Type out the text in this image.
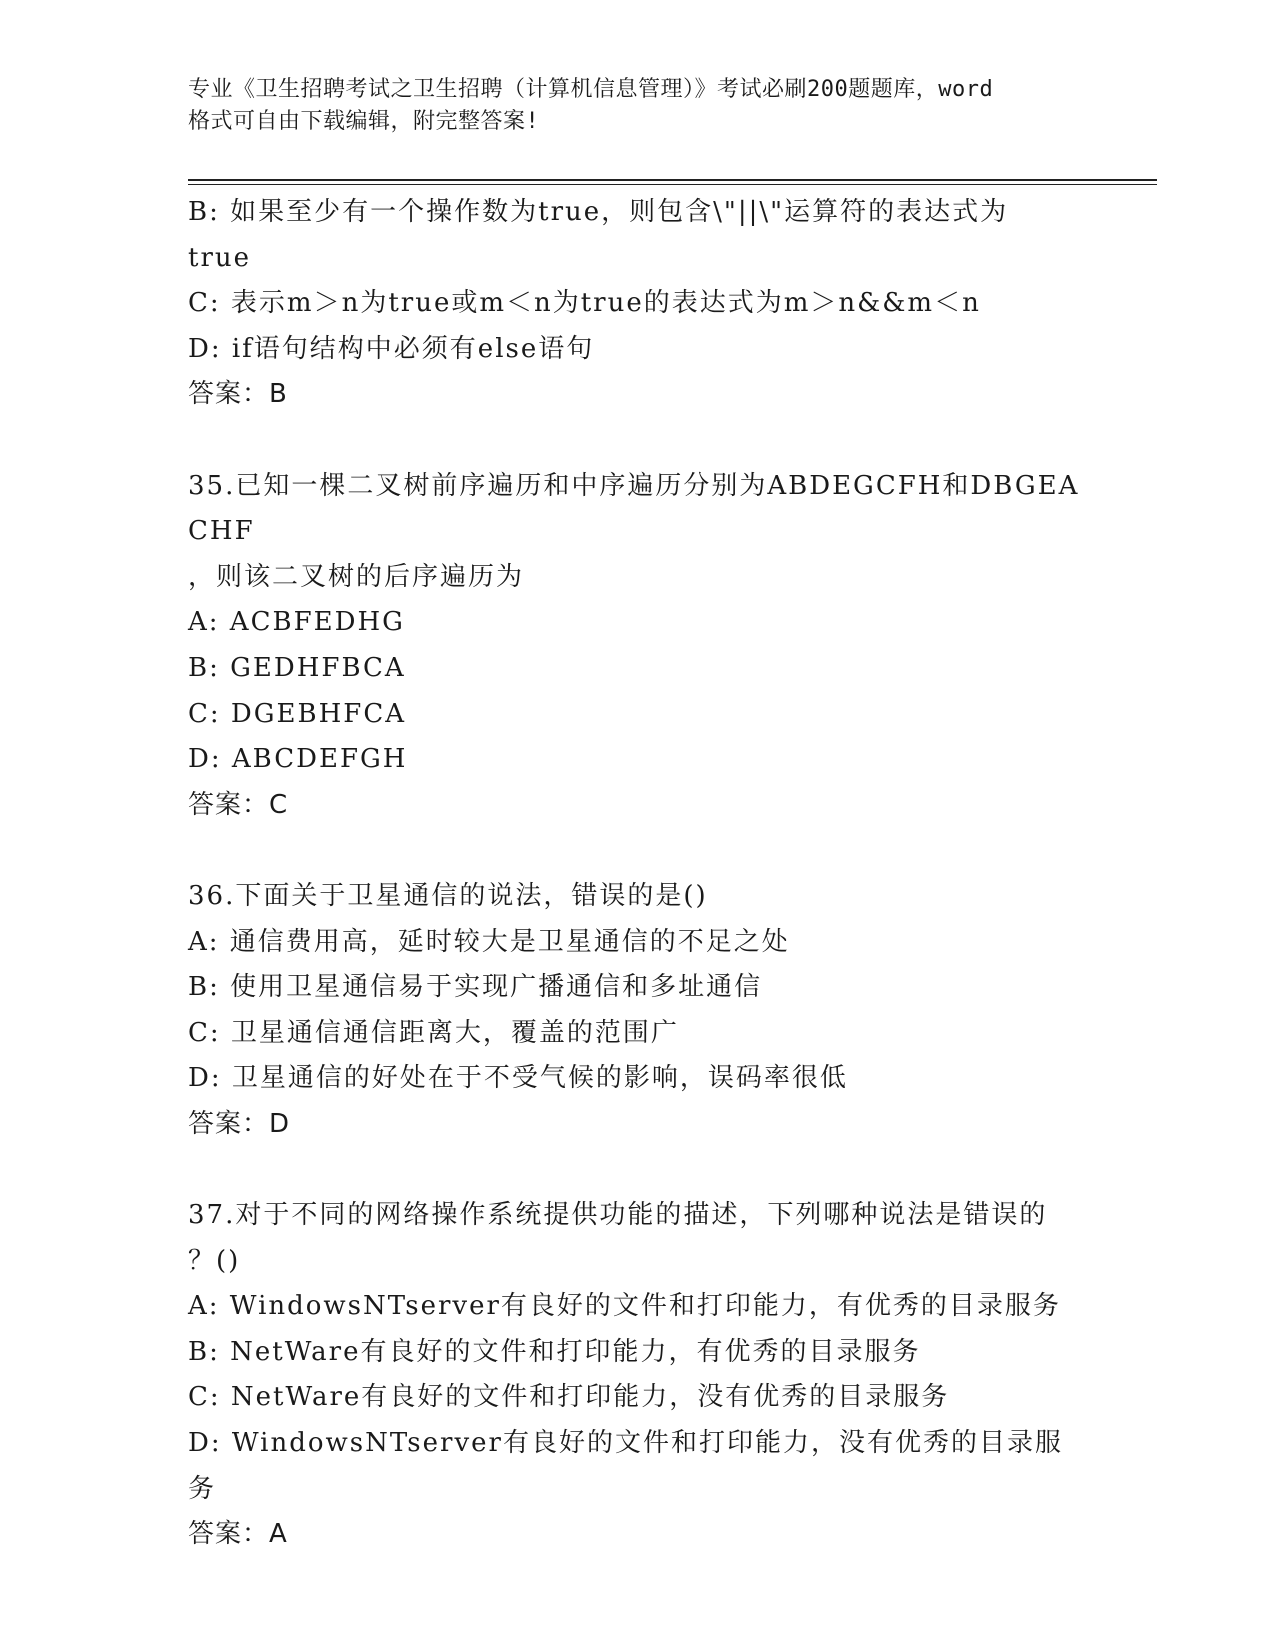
专业《卫生招聘考试之卫生招聘（计算机信息管理）》考试必刷200题题库，word
格式可自由下载编辑，附完整答案!
B: 如果至少有一个操作数为true，则包含\"||\"运算符的表达式为
true
C: 表示m＞n为true或m＜n为true的表达式为m＞n&&m＜n
D: if语句结构中必须有else语句
答案：B
35.已知一棵二叉树前序遍历和中序遍历分别为ABDEGCFH和DBGEACHF
，则该二叉树的后序遍历为
A: ACBFEDHG
B: GEDHFBCA
C: DGEBHFCA
D: ABCDEFGH
答案：C
36.下面关于卫星通信的说法，错误的是()
A: 通信费用高，延时较大是卫星通信的不足之处
B: 使用卫星通信易于实现广播通信和多址通信
C: 卫星通信通信距离大，覆盖的范围广
D: 卫星通信的好处在于不受气候的影响，误码率很低
答案：D
37.对于不同的网络操作系统提供功能的描述，下列哪种说法是错误的
？()
A: WindowsNTserver有良好的文件和打印能力，有优秀的目录服务
B: NetWare有良好的文件和打印能力，有优秀的目录服务
C: NetWare有良好的文件和打印能力，没有优秀的目录服务
D: WindowsNTserver有良好的文件和打印能力，没有优秀的目录服务
答案：A
